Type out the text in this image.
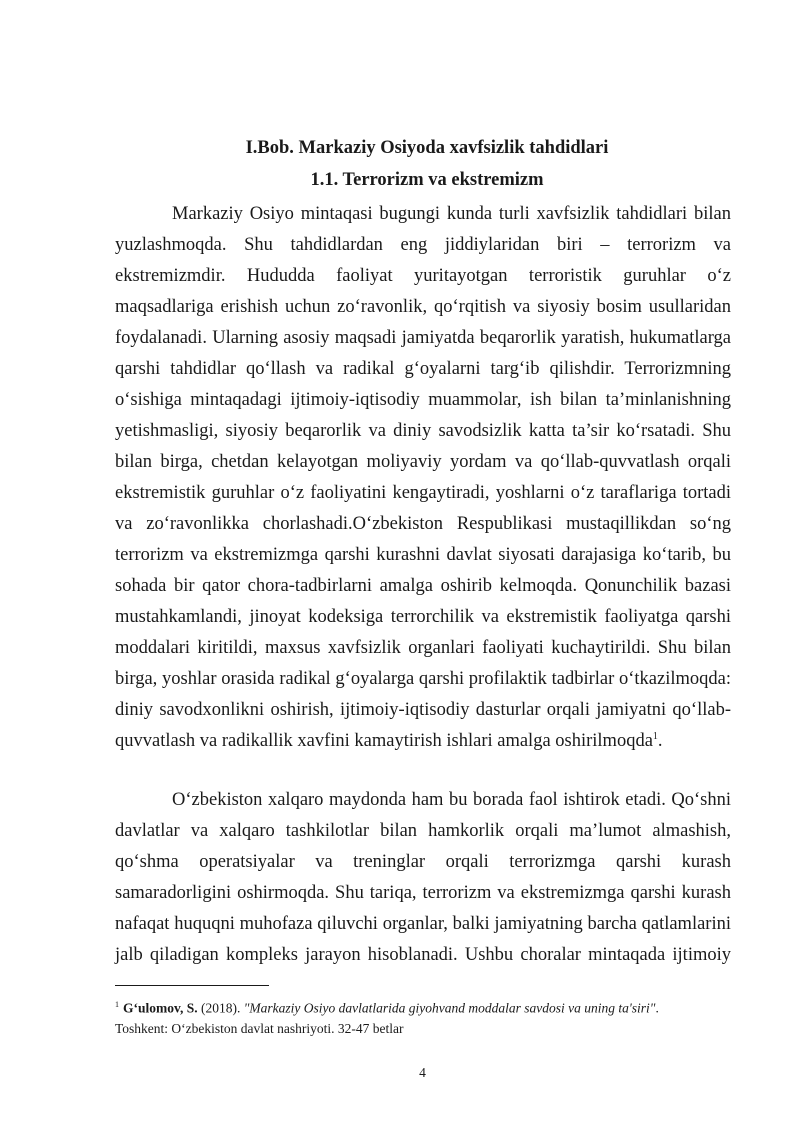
I.Bob. Markaziy Osiyoda xavfsizlik tahdidlari
1.1. Terrorizm va ekstremizm
Markaziy Osiyo mintaqasi bugungi kunda turli xavfsizlik tahdidlari bilan
yuzlashmoqda. Shu tahdidlardan eng jiddiylaridan biri – terrorizm va
ekstremizmdir. Hududda faoliyat yuritayotgan terroristik guruhlar o‘z
maqsadlariga erishish uchun zo‘ravonlik, qo‘rqitish va siyosiy bosim usullaridan
foydalanadi. Ularning asosiy maqsadi jamiyatda beqarorlik yaratish, hukumatlarga
qarshi tahdidlar qo‘llash va radikal g‘oyalarni targ‘ib qilishdir. Terrorizmning
o‘sishiga mintaqadagi ijtimoiy-iqtisodiy muammolar, ish bilan ta’minlanishning
yetishmasligi, siyosiy beqarorlik va diniy savodsizlik katta ta’sir ko‘rsatadi. Shu
bilan birga, chetdan kelayotgan moliyaviy yordam va qo‘llab-quvvatlash orqali
ekstremistik guruhlar o‘z faoliyatini kengaytiradi, yoshlarni o‘z taraflariga tortadi
va zo‘ravonlikka chorlashadi.O‘zbekiston Respublikasi mustaqillikdan so‘ng
terrorizm va ekstremizmga qarshi kurashni davlat siyosati darajasiga ko‘tarib, bu
sohada bir qator chora-tadbirlarni amalga oshirib kelmoqda. Qonunchilik bazasi
mustahkamlandi, jinoyat kodeksiga terrorchilik va ekstremistik faoliyatga qarshi
moddalari kiritildi, maxsus xavfsizlik organlari faoliyati kuchaytirildi. Shu bilan
birga, yoshlar orasida radikal g‘oyalarga qarshi profilaktik tadbirlar o‘tkazilmoqda:
diniy savodxonlikni oshirish, ijtimoiy-iqtisodiy dasturlar orqali jamiyatni qo‘llab-
quvvatlash va radikallik xavfini kamaytirish ishlari amalga oshirilmoqda$^1$.
O‘zbekiston xalqaro maydonda ham bu borada faol ishtirok etadi. Qo‘shni
davlatlar va xalqaro tashkilotlar bilan hamkorlik orqali ma’lumot almashish,
qo‘shma operatsiyalar va treninglar orqali terrorizmga qarshi kurash
samaradorligini oshirmoqda. Shu tariqa, terrorizm va ekstremizmga qarshi kurash
nafaqat huquqni muhofaza qiluvchi organlar, balki jamiyatning barcha qatlamlarini
jalb qiladigan kompleks jarayon hisoblanadi. Ushbu choralar mintaqada ijtimoiy
$^1$ G‘ulomov, S. (2018). "Markaziy Osiyo davlatlarida giyohvand moddalar savdosi va uning ta'siri".
Toshkent: O‘zbekiston davlat nashriyoti. 32-47 betlar
4
